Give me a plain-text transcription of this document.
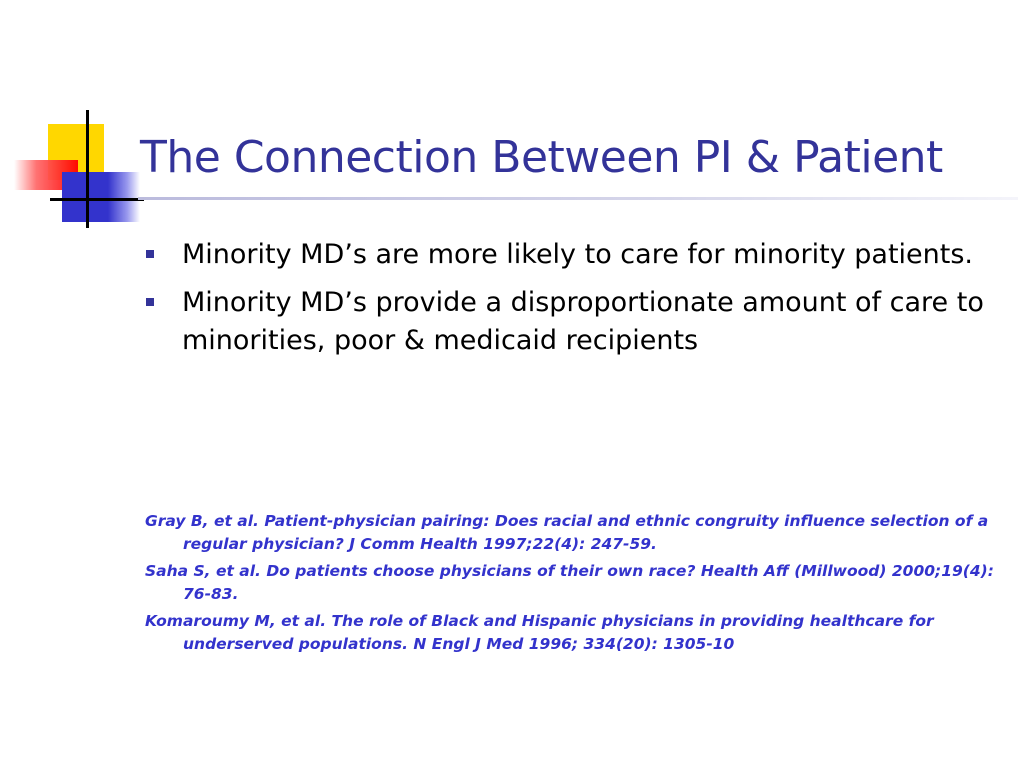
The Connection Between PI & Patient
Minority MD’s are more likely to care for minority patients.
Minority MD’s provide a disproportionate amount of care to minorities, poor & medicaid recipients
Gray B, et al. Patient-physician pairing: Does racial and ethnic congruity influence selection of a regular physician? J Comm Health 1997;22(4): 247-59.
Saha S, et al. Do patients choose physicians of their own race? Health Aff (Millwood) 2000;19(4): 76-83.
Komaroumy M, et al. The role of Black and Hispanic physicians in providing healthcare for underserved populations. N Engl J Med 1996; 334(20): 1305-10
